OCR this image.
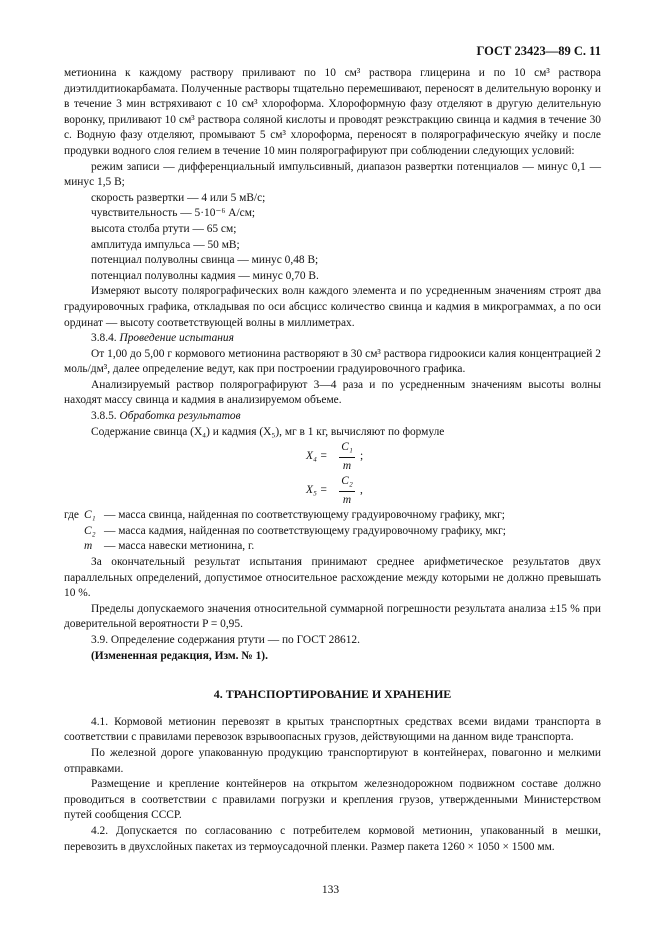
ГОСТ 23423—89 С. 11

метионина к каждому раствору приливают по 10 см³ раствора глицерина и по 10 см³ раствора диэтилдитиокарбамата. Полученные растворы тщательно перемешивают, переносят в делительную воронку и в течение 3 мин встряхивают с 10 см³ хлороформа. Хлороформную фазу отделяют в другую делительную воронку, приливают 10 см³ раствора соляной кислоты и проводят реэкстракцию свинца и кадмия в течение 30 с. Водную фазу отделяют, промывают 5 см³ хлороформа, переносят в полярографическую ячейку и после продувки водного слоя гелием в течение 10 мин полярографируют при соблюдении следующих условий:

режим записи — дифференциальный импульсивный, диапазон развертки потенциалов — минус 0,1 — минус 1,5 В;

скорость развертки — 4 или 5 мВ/с;

чувствительность — 5·10⁻⁶ А/см;

высота столба ртути — 65 см;

амплитуда импульса — 50 мВ;

потенциал полуволны свинца — минус 0,48 В;

потенциал полуволны кадмия — минус 0,70 В.

Измеряют высоту полярографических волн каждого элемента и по усредненным значениям строят два градуировочных графика, откладывая по оси абсцисс количество свинца и кадмия в микрограммах, а по оси ординат — высоту соответствующей волны в миллиметрах.

3.8.4. Проведение испытания

От 1,00 до 5,00 г кормового метионина растворяют в 30 см³ раствора гидроокиси калия концентрацией 2 моль/дм³, далее определение ведут, как при построении градуировочного графика.

Анализируемый раствор полярографируют 3—4 раза и по усредненным значениям высоты волны находят массу свинца и кадмия в анализируемом объеме.

3.8.5. Обработка результатов

Содержание свинца (X₄) и кадмия (X₅), мг в 1 кг, вычисляют по формуле

$X_4 = \frac{\text{C₁}}{m}$ ;
$X_5 = \frac{\text{C₂}}{m}$ ,
где C₁ — масса свинца, найденная по соответствующему градуировочному графику, мкг;
C₂ — масса кадмия, найденная по соответствующему градуировочному графику, мкг;
m — масса навески метионина, г.

За окончательный результат испытания принимают среднее арифметическое результатов двух параллельных определений, допустимое относительное расхождение между которыми не должно превышать 10 %.

Пределы допускаемого значения относительной суммарной погрешности результата анализа ±15 % при доверительной вероятности P = 0,95.

3.9. Определение содержания ртути — по ГОСТ 28612.

(Измененная редакция, Изм. № 1).

4. ТРАНСПОРТИРОВАНИЕ И ХРАНЕНИЕ

4.1. Кормовой метионин перевозят в крытых транспортных средствах всеми видами транспорта в соответствии с правилами перевозок взрывоопасных грузов, действующими на данном виде транспорта.

По железной дороге упакованную продукцию транспортируют в контейнерах, повагонно и мелкими отправками.

Размещение и крепление контейнеров на открытом железнодорожном подвижном составе должно проводиться в соответствии с правилами погрузки и крепления грузов, утвержденными Министерством путей сообщения СССР.

4.2. Допускается по согласованию с потребителем кормовой метионин, упакованный в мешки, перевозить в двухслойных пакетах из термоусадочной пленки. Размер пакета 1260 × 1050 × 1500 мм.

133
